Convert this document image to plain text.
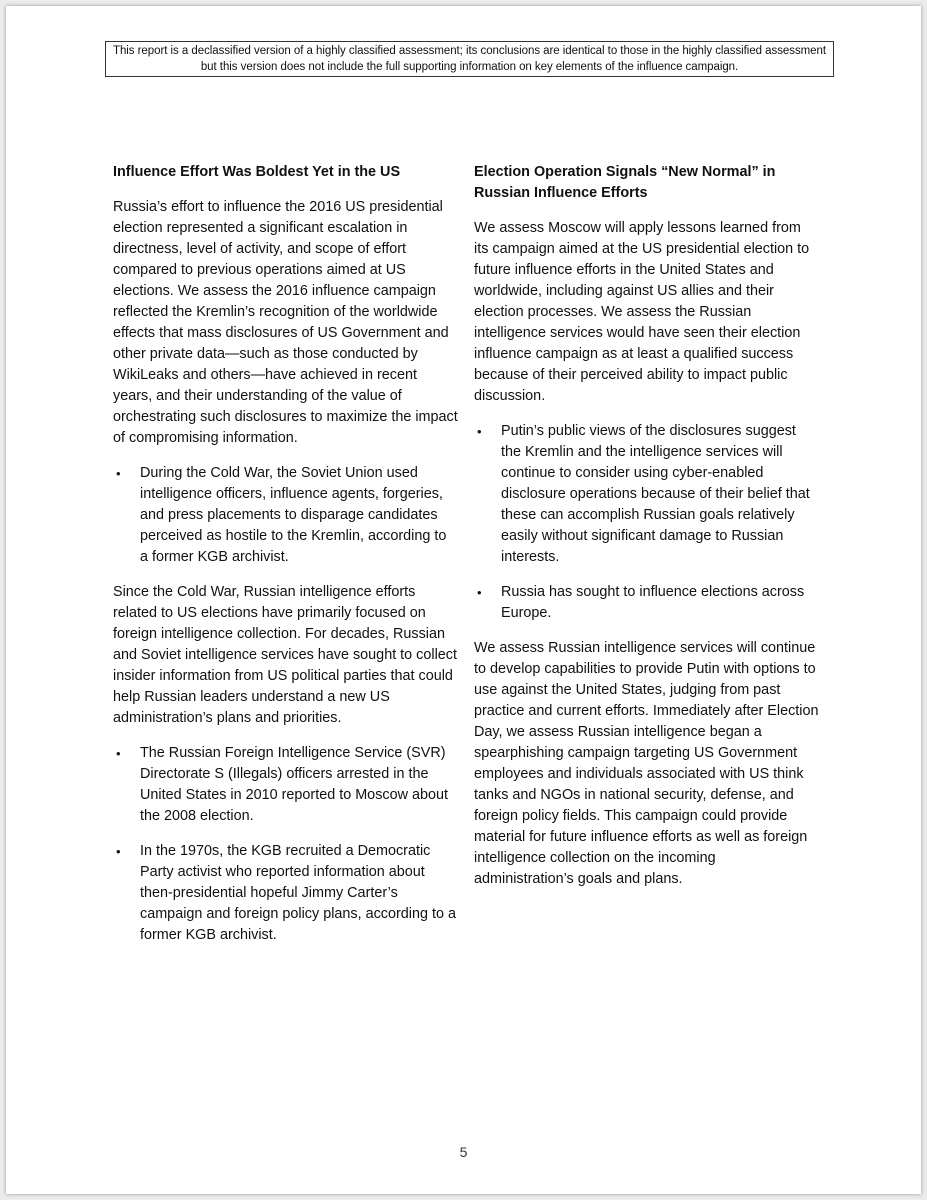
This report is a declassified version of a highly classified assessment; its conclusions are identical to those in the highly classified assessment but this version does not include the full supporting information on key elements of the influence campaign.
Influence Effort Was Boldest Yet in the US

Russia’s effort to influence the 2016 US presidential election represented a significant escalation in directness, level of activity, and scope of effort compared to previous operations aimed at US elections. We assess the 2016 influence campaign reflected the Kremlin’s recognition of the worldwide effects that mass disclosures of US Government and other private data—such as those conducted by WikiLeaks and others—have achieved in recent years, and their understanding of the value of orchestrating such disclosures to maximize the impact of compromising information.

• During the Cold War, the Soviet Union used intelligence officers, influence agents, forgeries, and press placements to disparage candidates perceived as hostile to the Kremlin, according to a former KGB archivist.

Since the Cold War, Russian intelligence efforts related to US elections have primarily focused on foreign intelligence collection. For decades, Russian and Soviet intelligence services have sought to collect insider information from US political parties that could help Russian leaders understand a new US administration’s plans and priorities.

• The Russian Foreign Intelligence Service (SVR) Directorate S (Illegals) officers arrested in the United States in 2010 reported to Moscow about the 2008 election.
• In the 1970s, the KGB recruited a Democratic Party activist who reported information about then-presidential hopeful Jimmy Carter’s campaign and foreign policy plans, according to a former KGB archivist.
Election Operation Signals “New Normal” in Russian Influence Efforts

We assess Moscow will apply lessons learned from its campaign aimed at the US presidential election to future influence efforts in the United States and worldwide, including against US allies and their election processes. We assess the Russian intelligence services would have seen their election influence campaign as at least a qualified success because of their perceived ability to impact public discussion.

• Putin’s public views of the disclosures suggest the Kremlin and the intelligence services will continue to consider using cyber-enabled disclosure operations because of their belief that these can accomplish Russian goals relatively easily without significant damage to Russian interests.
• Russia has sought to influence elections across Europe.

We assess Russian intelligence services will continue to develop capabilities to provide Putin with options to use against the United States, judging from past practice and current efforts. Immediately after Election Day, we assess Russian intelligence began a spearphishing campaign targeting US Government employees and individuals associated with US think tanks and NGOs in national security, defense, and foreign policy fields. This campaign could provide material for future influence efforts as well as foreign intelligence collection on the incoming administration’s goals and plans.

5
